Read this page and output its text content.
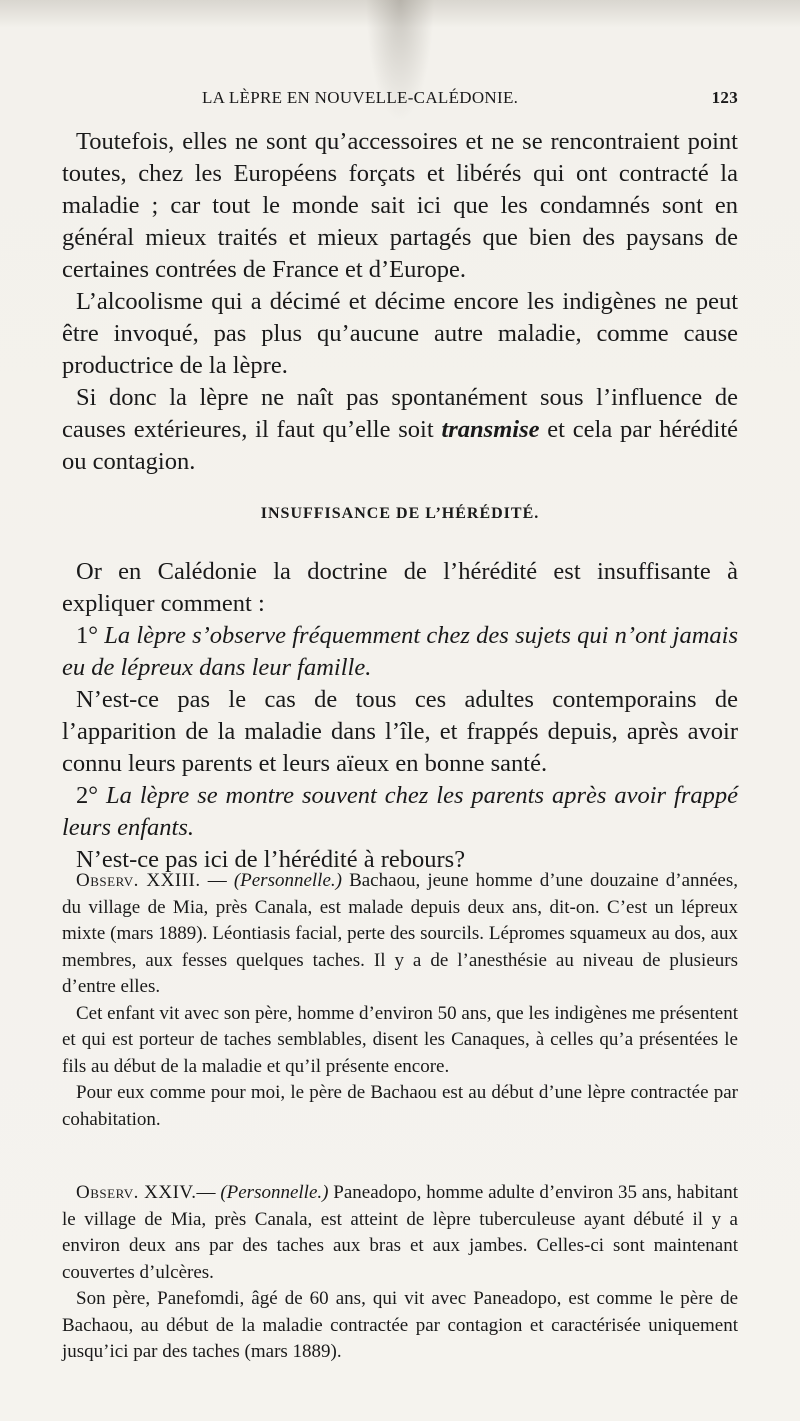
LA LÈPRE EN NOUVELLE-CALÉDONIE.	123

Toutefois, elles ne sont qu’accessoires et ne se rencontraient point toutes, chez les Européens forçats et libérés qui ont contracté la maladie ; car tout le monde sait ici que les condamnés sont en général mieux traités et mieux partagés que bien des paysans de certaines contrées de France et d’Europe.

L’alcoolisme qui a décimé et décime encore les indigènes ne peut être invoqué, pas plus qu’aucune autre maladie, comme cause productrice de la lèpre.

Si donc la lèpre ne naît pas spontanément sous l’influence de causes extérieures, il faut qu’elle soit transmise et cela par hérédité ou contagion.

INSUFFISANCE DE L’HÉRÉDITÉ.

Or en Calédonie la doctrine de l’hérédité est insuffisante à expliquer comment :

1° La lèpre s’observe fréquemment chez des sujets qui n’ont jamais eu de lépreux dans leur famille.

N’est-ce pas le cas de tous ces adultes contemporains de l’apparition de la maladie dans l’île, et frappés depuis, après avoir connu leurs parents et leurs aïeux en bonne santé.

2° La lèpre se montre souvent chez les parents après avoir frappé leurs enfants.

N’est-ce pas ici de l’hérédité à rebours?

Observ. XXIII. — (Personnelle.) Bachaou, jeune homme d’une douzaine d’années, du village de Mia, près Canala, est malade depuis deux ans, dit-on. C’est un lépreux mixte (mars 1889). Léontiasis facial, perte des sourcils. Lépromes squameux au dos, aux membres, aux fesses quelques taches. Il y a de l’anesthésie au niveau de plusieurs d’entre elles.

Cet enfant vit avec son père, homme d’environ 50 ans, que les indigènes me présentent et qui est porteur de taches semblables, disent les Canaques, à celles qu’a présentées le fils au début de la maladie et qu’il présente encore.

Pour eux comme pour moi, le père de Bachaou est au début d’une lèpre contractée par cohabitation.

Observ. XXIV.— (Personnelle.) Paneadopo, homme adulte d’environ 35 ans, habitant le village de Mia, près Canala, est atteint de lèpre tuberculeuse ayant débuté il y a environ deux ans par des taches aux bras et aux jambes. Celles-ci sont maintenant couvertes d’ulcères.

Son père, Panefomdi, âgé de 60 ans, qui vit avec Paneadopo, est comme le père de Bachaou, au début de la maladie contractée par contagion et caractérisée uniquement jusqu’ici par des taches (mars 1889).
